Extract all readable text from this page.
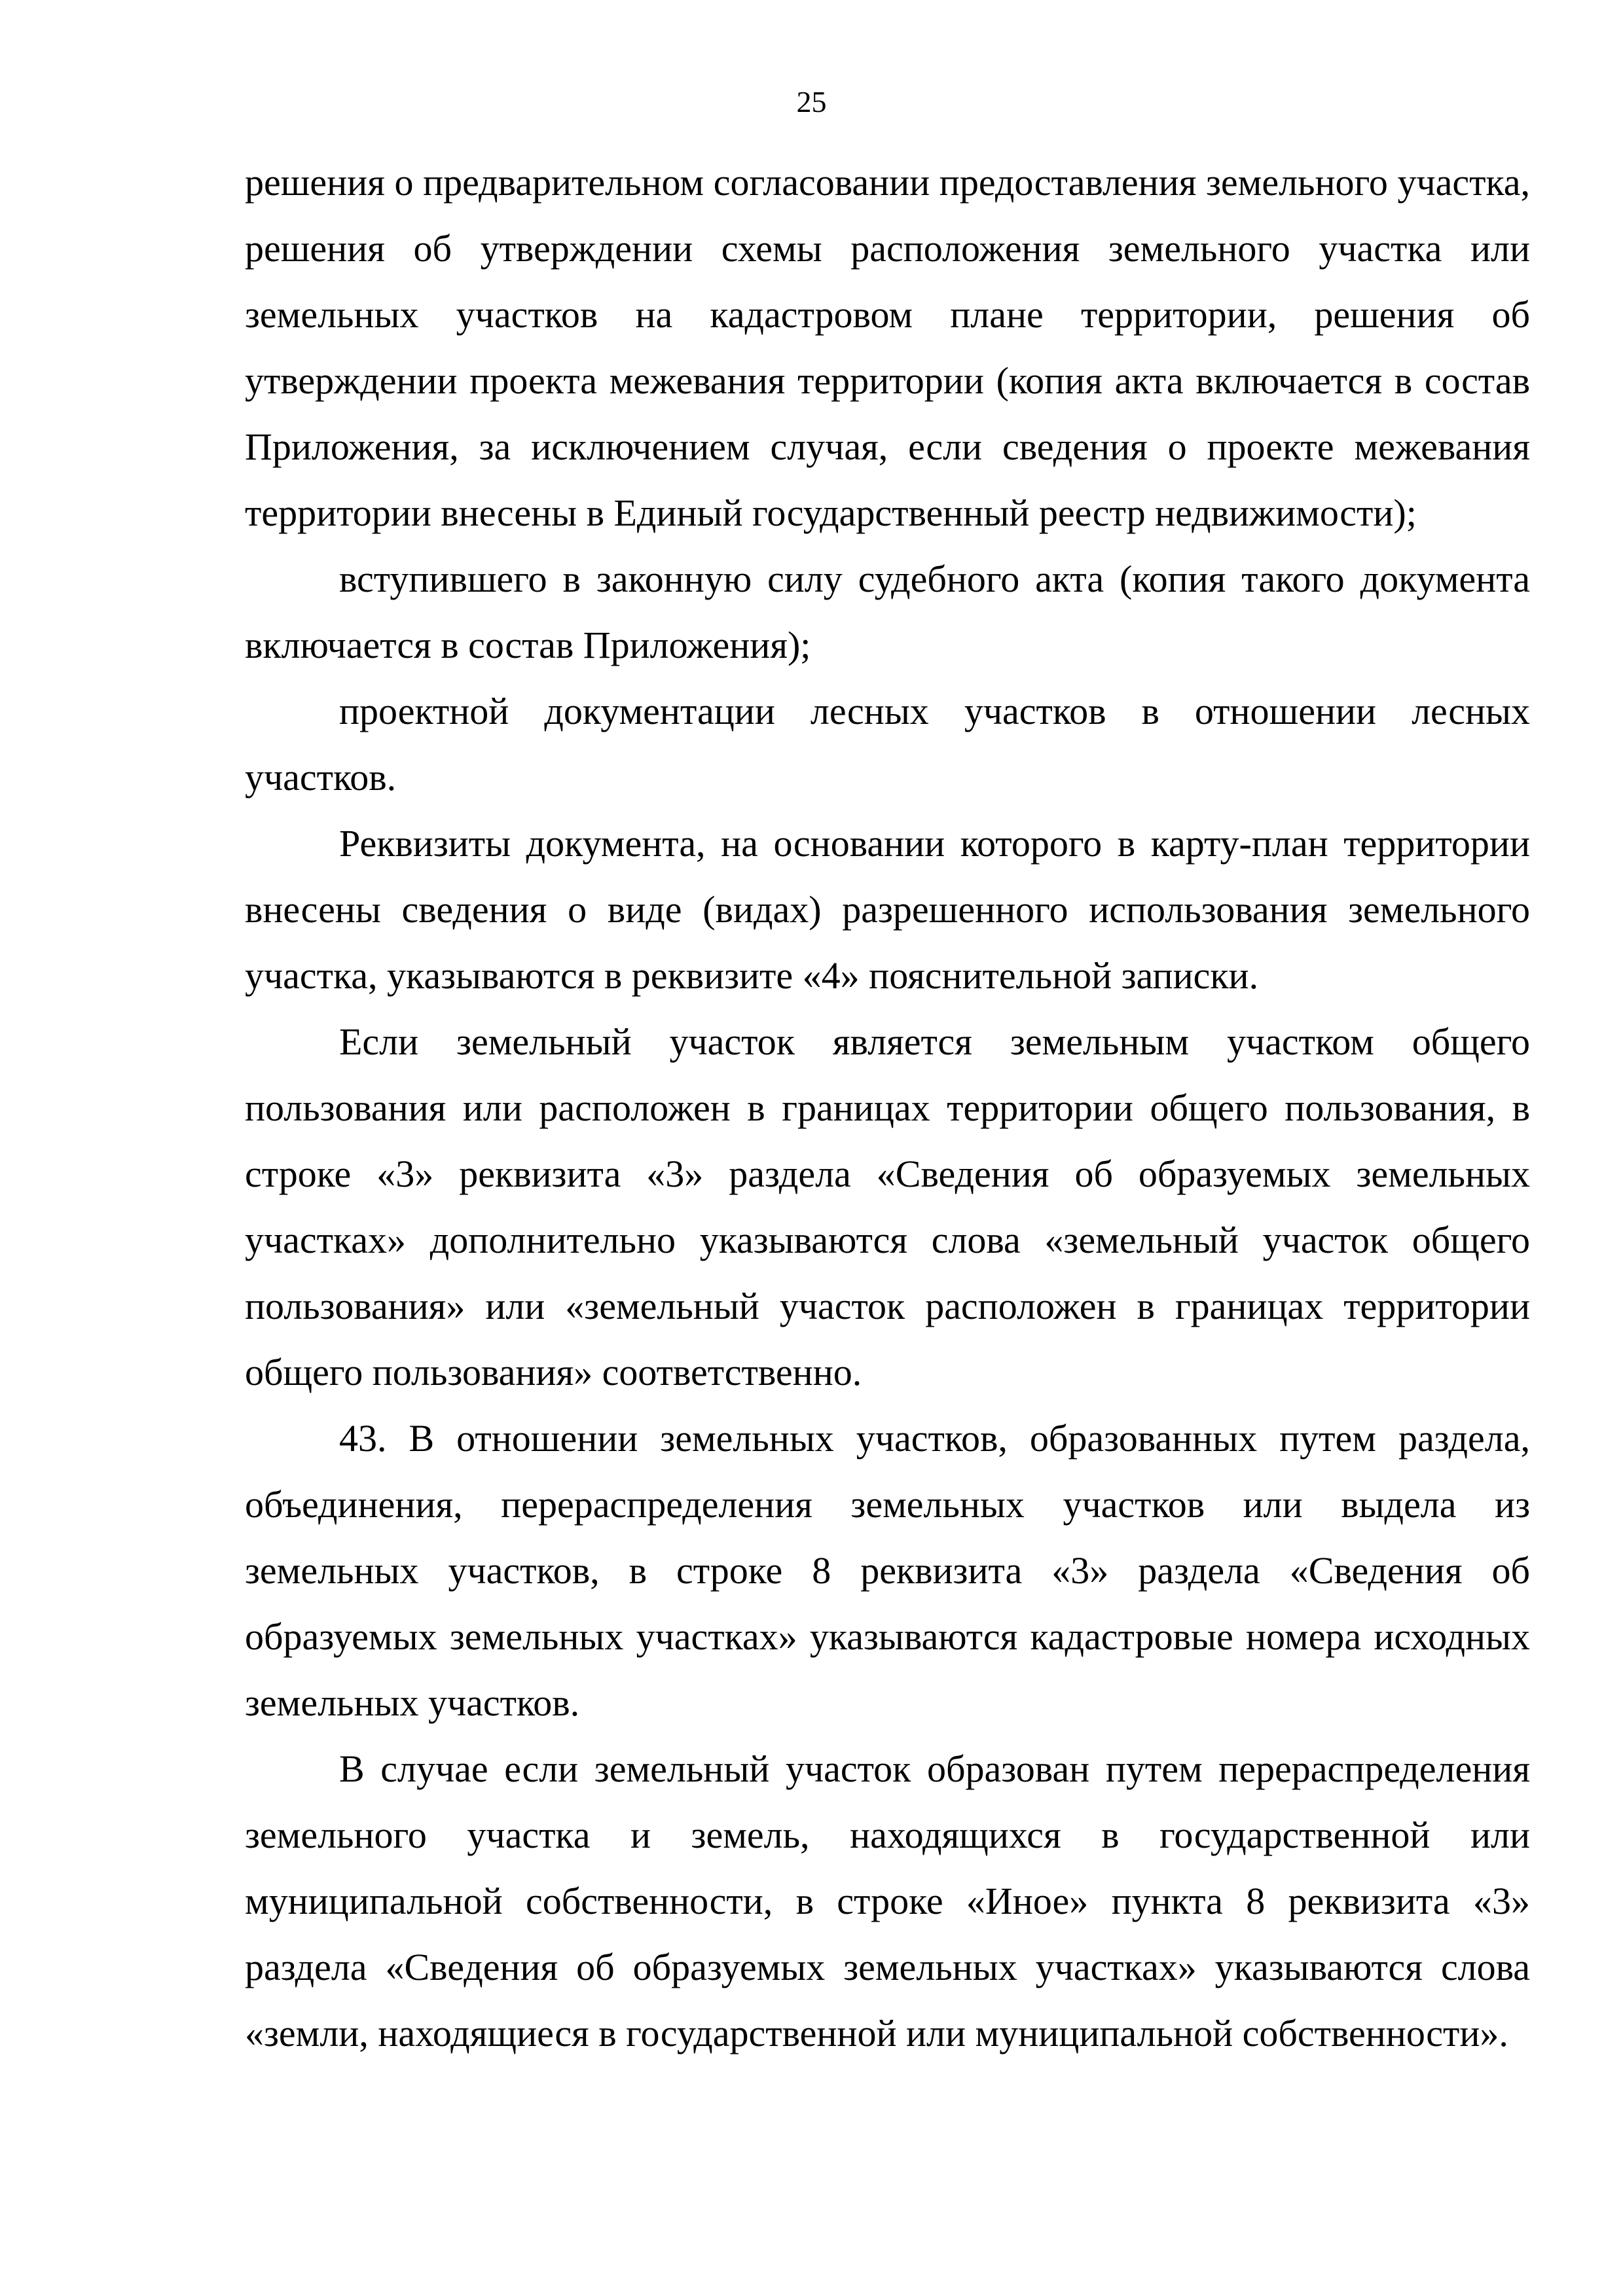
25

решения о предварительном согласовании предоставления земельного участка, решения об утверждении схемы расположения земельного участка или земельных участков на кадастровом плане территории, решения об утверждении проекта межевания территории (копия акта включается в состав Приложения, за исключением случая, если сведения о проекте межевания территории внесены в Единый государственный реестр недвижимости);

вступившего в законную силу судебного акта (копия такого документа включается в состав Приложения);

проектной документации лесных участков в отношении лесных участков.

Реквизиты документа, на основании которого в карту-план территории внесены сведения о виде (видах) разрешенного использования земельного участка, указываются в реквизите «4» пояснительной записки.

Если земельный участок является земельным участком общего пользования или расположен в границах территории общего пользования, в строке «3» реквизита «3» раздела «Сведения об образуемых земельных участках» дополнительно указываются слова «земельный участок общего пользования» или «земельный участок расположен в границах территории общего пользования» соответственно.

43. В отношении земельных участков, образованных путем раздела, объединения, перераспределения земельных участков или выдела из земельных участков, в строке 8 реквизита «3» раздела «Сведения об образуемых земельных участках» указываются кадастровые номера исходных земельных участков.

В случае если земельный участок образован путем перераспределения земельного участка и земель, находящихся в государственной или муниципальной собственности, в строке «Иное» пункта 8 реквизита «3» раздела «Сведения об образуемых земельных участках» указываются слова «земли, находящиеся в государственной или муниципальной собственности».
